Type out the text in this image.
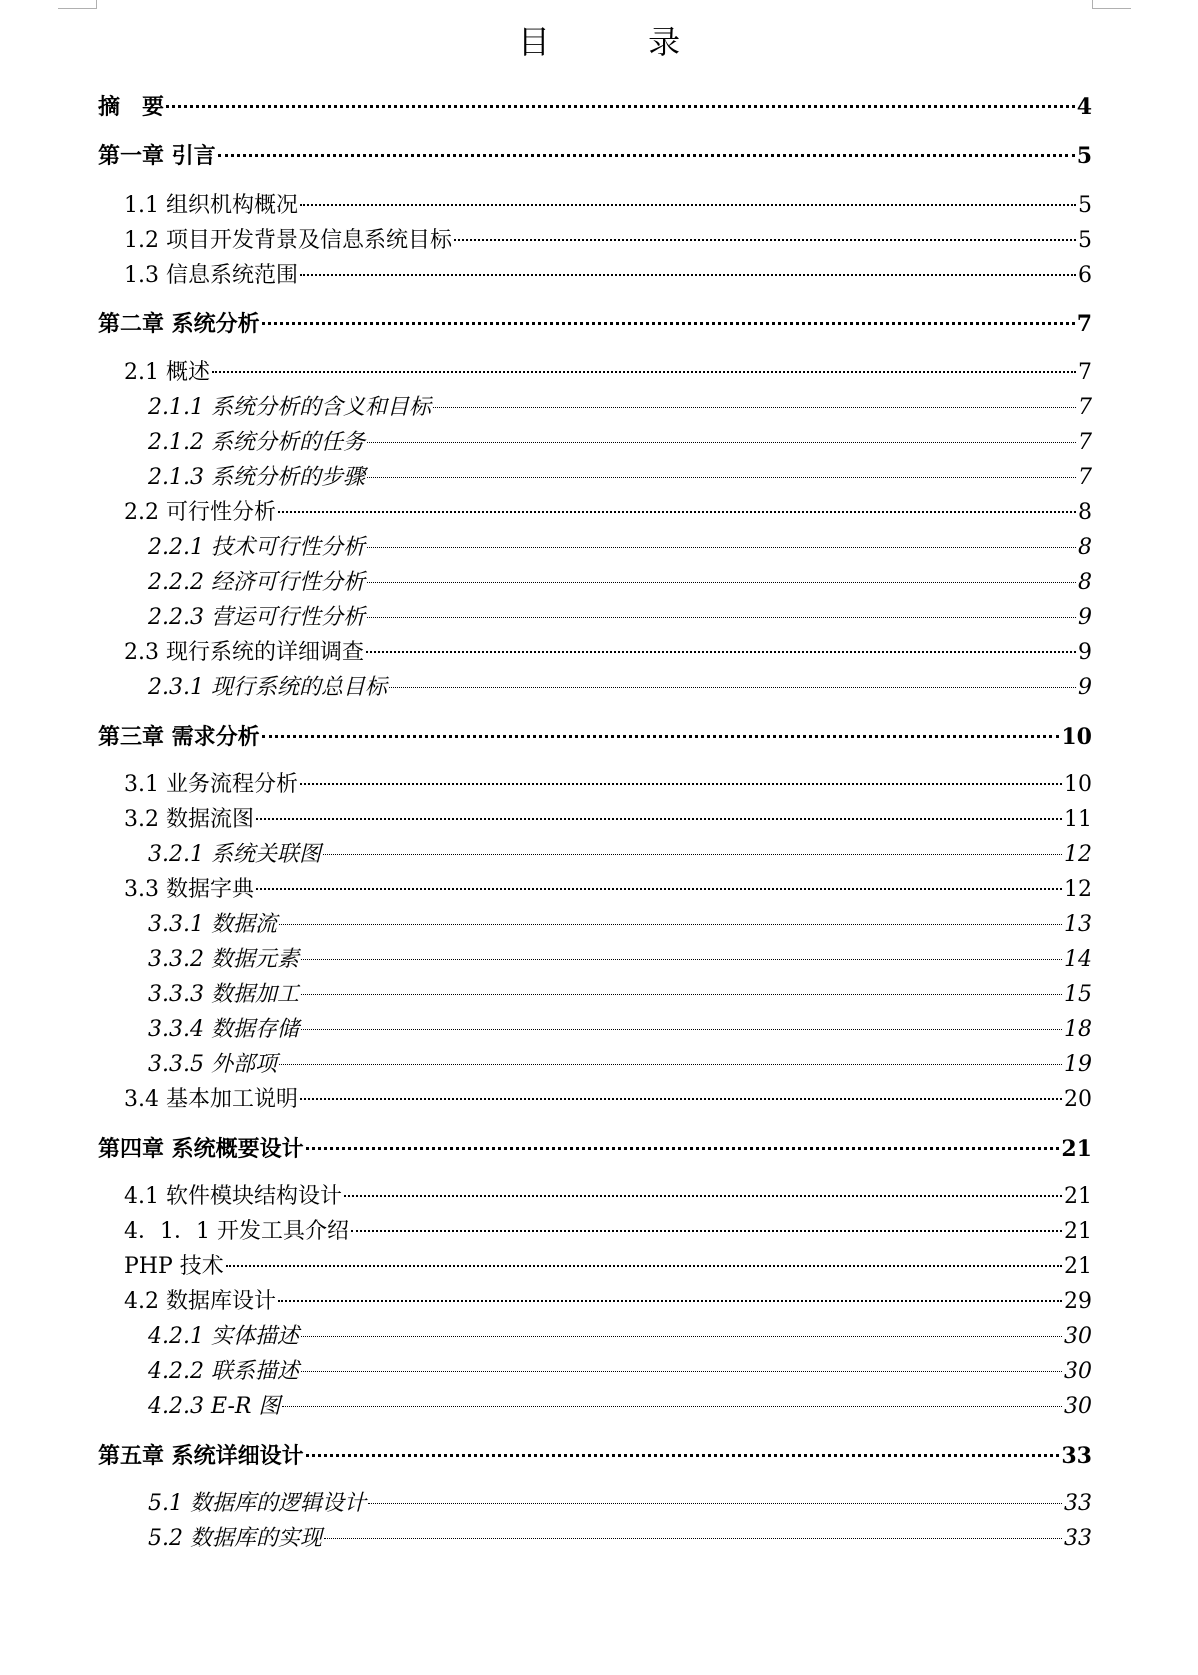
目 录
摘　要	4
第一章 引言	5
1.1 组织机构概况	5
1.2 项目开发背景及信息系统目标	5
1.3 信息系统范围	6
第二章 系统分析	7
2.1 概述	7
2.1.1 系统分析的含义和目标	7
2.1.2 系统分析的任务	7
2.1.3 系统分析的步骤	7
2.2 可行性分析	8
2.2.1 技术可行性分析	8
2.2.2 经济可行性分析	8
2.2.3 营运可行性分析	9
2.3 现行系统的详细调查	9
2.3.1 现行系统的总目标	9
第三章 需求分析	10
3.1 业务流程分析	10
3.2 数据流图	11
3.2.1 系统关联图	12
3.3 数据字典	12
3.3.1 数据流	13
3.3.2 数据元素	14
3.3.3 数据加工	15
3.3.4 数据存储	18
3.3.5 外部项	19
3.4 基本加工说明	20
第四章 系统概要设计	21
4.1 软件模块结构设计	21
4．1．1 开发工具介绍	21
PHP 技术	21
4.2 数据库设计	29
4.2.1 实体描述	30
4.2.2 联系描述	30
4.2.3 E-R 图	30
第五章 系统详细设计	33
5.1 数据库的逻辑设计	33
5.2 数据库的实现	33
